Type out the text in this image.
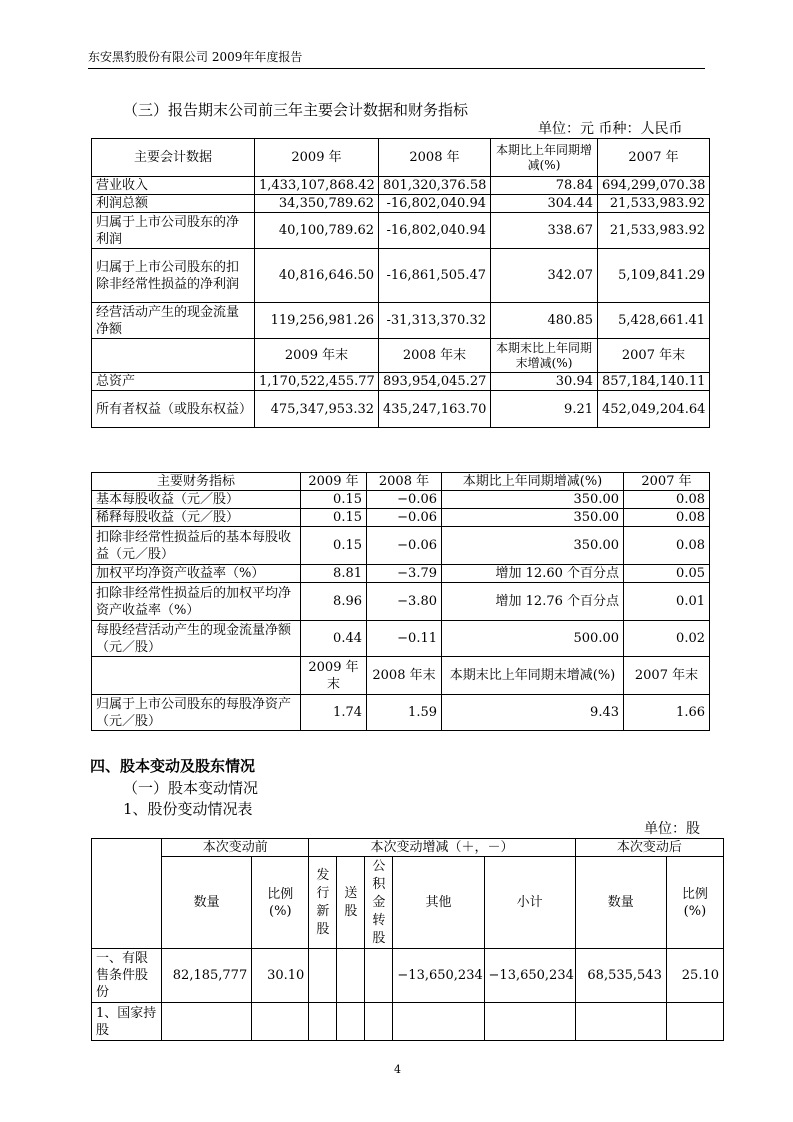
东安黑豹股份有限公司 2009年年度报告
（三）报告期末公司前三年主要会计数据和财务指标
单位：元 币种：人民币
主要会计数据	2009 年	2008 年	本期比上年同期增减(%)	2007 年
营业收入	1,433,107,868.42	801,320,376.58	78.84	694,299,070.38
利润总额	34,350,789.62	-16,802,040.94	304.44	21,533,983.92
归属于上市公司股东的净利润	40,100,789.62	-16,802,040.94	338.67	21,533,983.92
归属于上市公司股东的扣除非经常性损益的净利润	40,816,646.50	-16,861,505.47	342.07	5,109,841.29
经营活动产生的现金流量净额	119,256,981.26	-31,313,370.32	480.85	5,428,661.41
	2009 年末	2008 年末	本期末比上年同期末增减(%)	2007 年末
总资产	1,170,522,455.77	893,954,045.27	30.94	857,184,140.11
所有者权益（或股东权益）	475,347,953.32	435,247,163.70	9.21	452,049,204.64
主要财务指标	2009 年	2008 年	本期比上年同期增减(%)	2007 年
基本每股收益（元／股）	0.15	−0.06	350.00	0.08
稀释每股收益（元／股）	0.15	−0.06	350.00	0.08
扣除非经常性损益后的基本每股收益（元／股）	0.15	−0.06	350.00	0.08
加权平均净资产收益率（%）	8.81	−3.79	增加 12.60 个百分点	0.05
扣除非经常性损益后的加权平均净资产收益率（%）	8.96	−3.80	增加 12.76 个百分点	0.01
每股经营活动产生的现金流量净额（元／股）	0.44	−0.11	500.00	0.02
	2009 年末	2008 年末	本期末比上年同期末增减(%)	2007 年末
归属于上市公司股东的每股净资产（元／股）	1.74	1.59	9.43	1.66
四、股本变动及股东情况
（一）股本变动情况
1、股份变动情况表
单位：股
	本次变动前		本次变动增减（＋，－）					本次变动后	
	数量	比例(%)	发行新股	送股	公积金转股	其他	小计	数量	比例(%)
一、有限售条件股份	82,185,777	30.10				−13,650,234	−13,650,234	68,535,543	25.10
1、国家持股									
4
